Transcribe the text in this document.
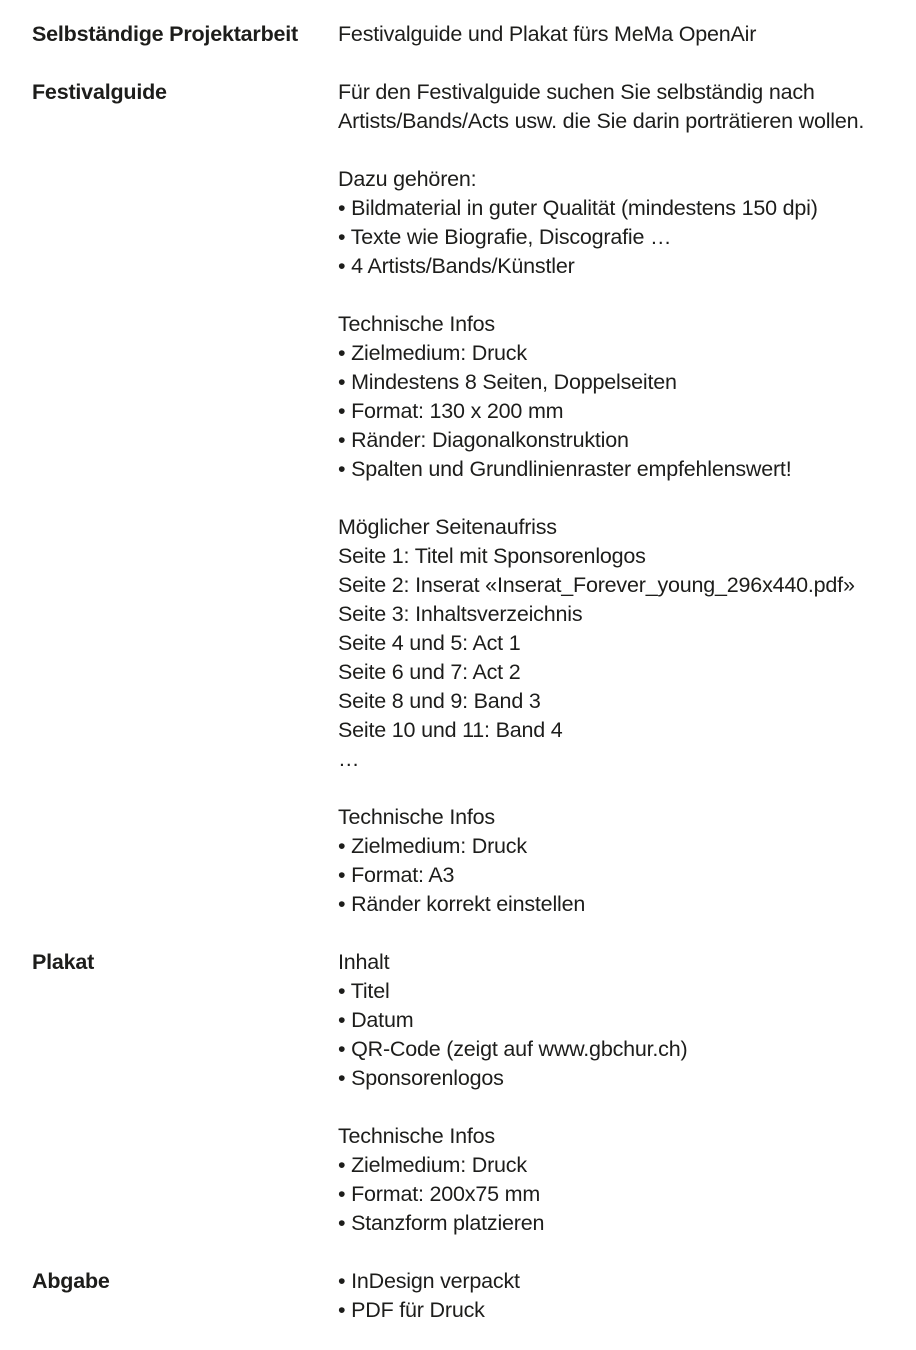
Selbständige Projektarbeit	Festivalguide und Plakat fürs MeMa OpenAir
Festivalguide	Für den Festivalguide suchen Sie selbständig nach
Artists/Bands/Acts usw. die Sie darin porträtieren wollen.
Dazu gehören:
• Bildmaterial in guter Qualität (mindestens 150 dpi)
• Texte wie Biografie, Discografie …
• 4 Artists/Bands/Künstler
Technische Infos
• Zielmedium: Druck
• Mindestens 8 Seiten, Doppelseiten
• Format: 130 x 200 mm
• Ränder: Diagonalkonstruktion
• Spalten und Grundlinienraster empfehlenswert!
Möglicher Seitenaufriss
Seite 1: Titel mit Sponsorenlogos
Seite 2: Inserat «Inserat_Forever_young_296x440.pdf»
Seite 3: Inhaltsverzeichnis
Seite 4 und 5: Act 1
Seite 6 und 7: Act 2
Seite 8 und 9: Band 3
Seite 10 und 11: Band 4
…
Technische Infos
• Zielmedium: Druck
• Format: A3
• Ränder korrekt einstellen
Plakat	Inhalt
• Titel
• Datum
• QR-Code (zeigt auf www.gbchur.ch)
• Sponsorenlogos
Technische Infos
• Zielmedium: Druck
• Format: 200x75 mm
• Stanzform platzieren
Abgabe	• InDesign verpackt
• PDF für Druck
